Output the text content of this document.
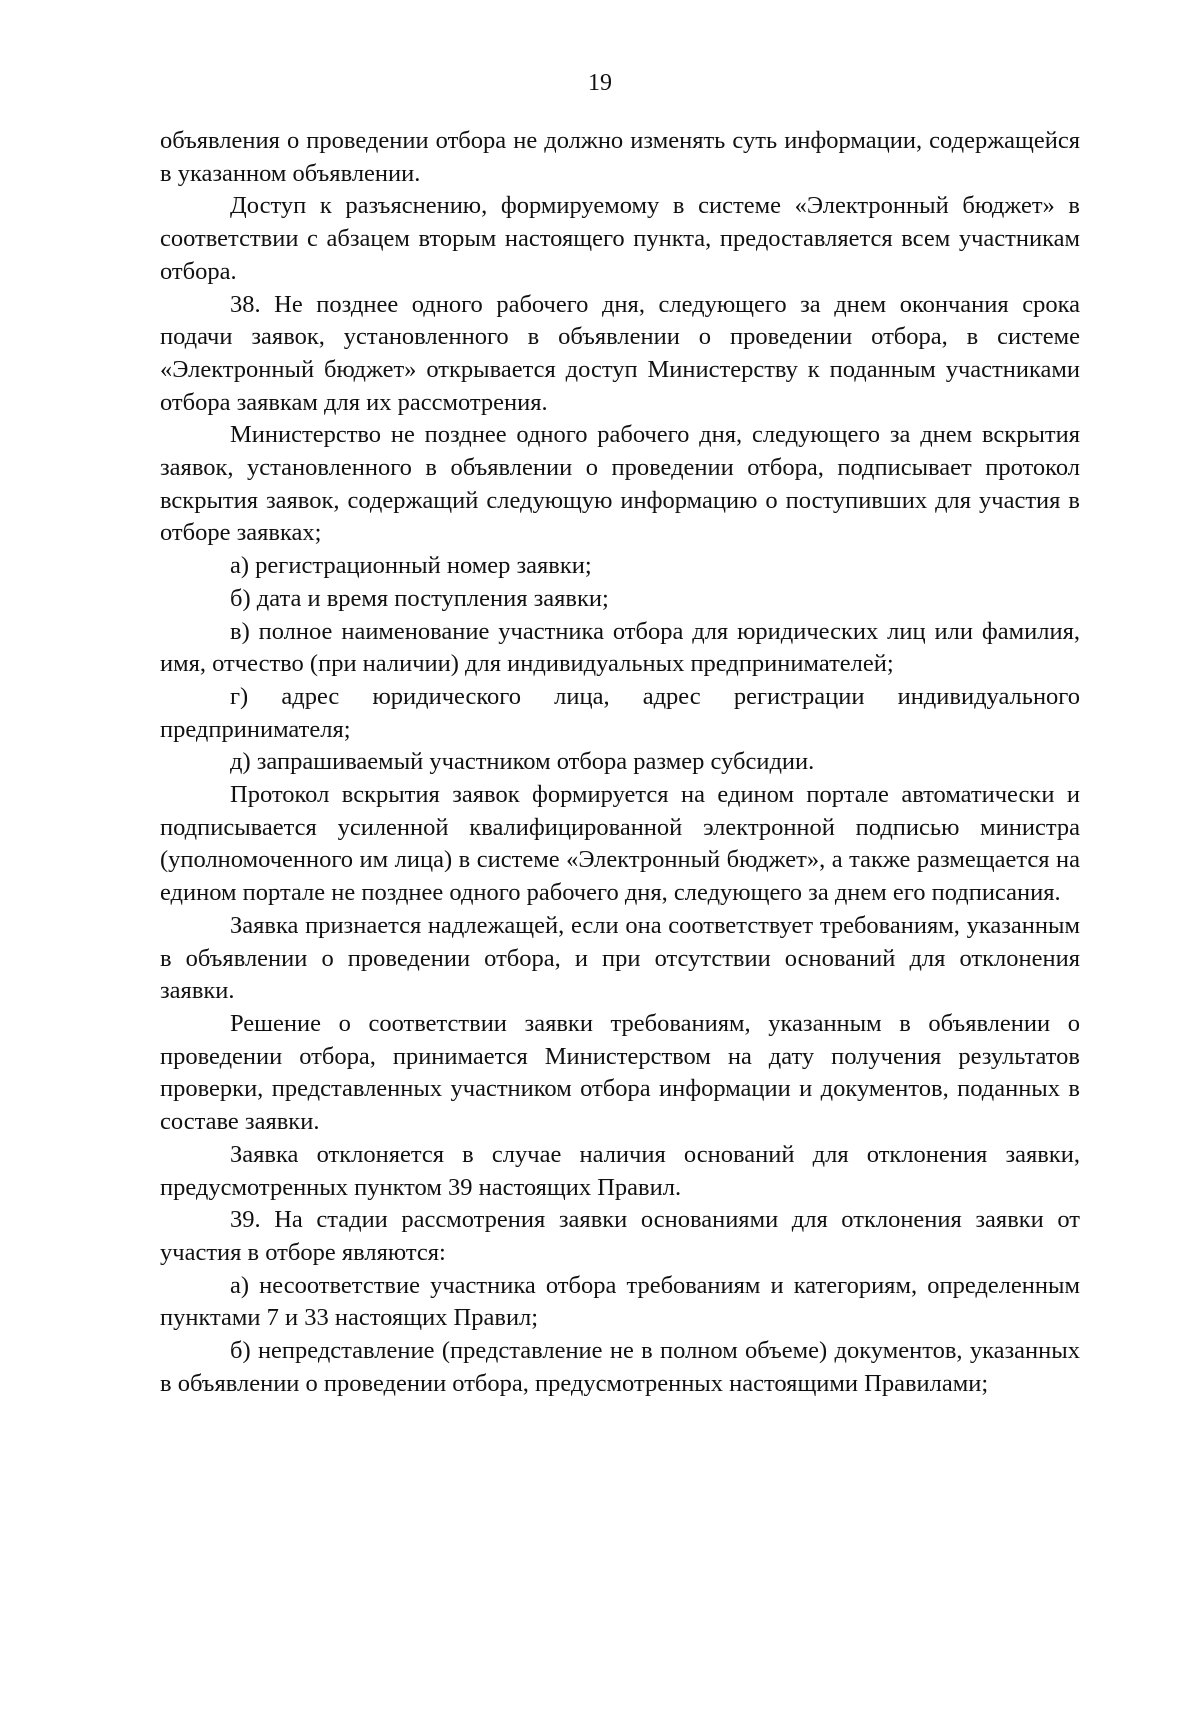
19

объявления о проведении отбора не должно изменять суть информации, содержащейся в указанном объявлении.

Доступ к разъяснению, формируемому в системе «Электронный бюджет» в соответствии с абзацем вторым настоящего пункта, предоставляется всем участникам отбора.

38. Не позднее одного рабочего дня, следующего за днем окончания срока подачи заявок, установленного в объявлении о проведении отбора, в системе «Электронный бюджет» открывается доступ Министерству к поданным участниками отбора заявкам для их рассмотрения.

Министерство не позднее одного рабочего дня, следующего за днем вскрытия заявок, установленного в объявлении о проведении отбора, подписывает протокол вскрытия заявок, содержащий следующую информацию о поступивших для участия в отборе заявках;

а) регистрационный номер заявки;

б) дата и время поступления заявки;

в) полное наименование участника отбора для юридических лиц или фамилия, имя, отчество (при наличии) для индивидуальных предпринимателей;

г) адрес юридического лица, адрес регистрации индивидуального предпринимателя;

д) запрашиваемый участником отбора размер субсидии.

Протокол вскрытия заявок формируется на едином портале автоматически и подписывается усиленной квалифицированной электронной подписью министра (уполномоченного им лица) в системе «Электронный бюджет», а также размещается на едином портале не позднее одного рабочего дня, следующего за днем его подписания.

Заявка признается надлежащей, если она соответствует требованиям, указанным в объявлении о проведении отбора, и при отсутствии оснований для отклонения заявки.

Решение о соответствии заявки требованиям, указанным в объявлении о проведении отбора, принимается Министерством на дату получения результатов проверки, представленных участником отбора информации и документов, поданных в составе заявки.

Заявка отклоняется в случае наличия оснований для отклонения заявки, предусмотренных пунктом 39 настоящих Правил.

39. На стадии рассмотрения заявки основаниями для отклонения заявки от участия в отборе являются:

а) несоответствие участника отбора требованиям и категориям, определенным пунктами 7 и 33 настоящих Правил;

б) непредставление (представление не в полном объеме) документов, указанных в объявлении о проведении отбора, предусмотренных настоящими Правилами;
